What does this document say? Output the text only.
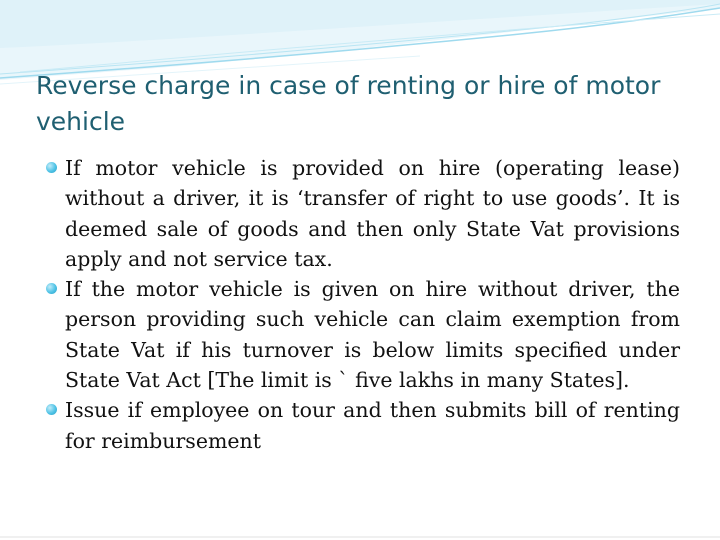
Reverse charge in case of renting or hire of motor vehicle
If motor vehicle is provided on hire (operating lease) without a driver, it is ‘transfer of right to use goods’. It is deemed sale of goods and then only State Vat provisions apply and not service tax.
If the motor vehicle is given on hire without driver, the person providing such vehicle can claim exemption from State Vat if his turnover is below limits specified under State Vat Act [The limit is ` five lakhs in many States].
Issue if employee on tour and then submits bill of renting for reimbursement
